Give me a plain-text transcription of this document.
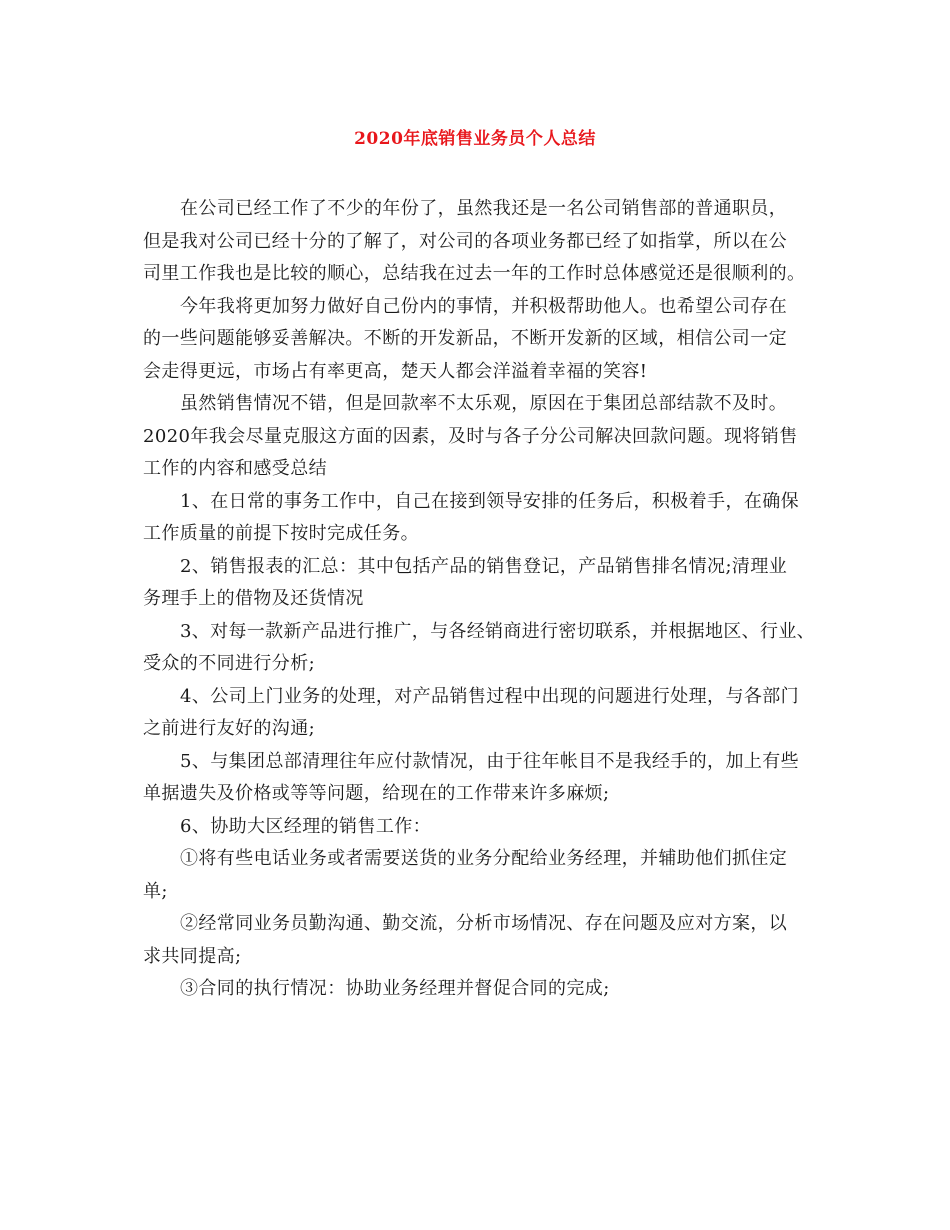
2020年底销售业务员个人总结
在公司已经工作了不少的年份了，虽然我还是一名公司销售部的普通职员，
但是我对公司已经十分的了解了，对公司的各项业务都已经了如指掌，所以在公
司里工作我也是比较的顺心，总结我在过去一年的工作时总体感觉还是很顺利的。
今年我将更加努力做好自己份内的事情，并积极帮助他人。也希望公司存在
的一些问题能够妥善解决。不断的开发新品，不断开发新的区域，相信公司一定
会走得更远，市场占有率更高，楚天人都会洋溢着幸福的笑容!
虽然销售情况不错，但是回款率不太乐观，原因在于集团总部结款不及时。
2020年我会尽量克服这方面的因素，及时与各子分公司解决回款问题。现将销售
工作的内容和感受总结
1、在日常的事务工作中，自己在接到领导安排的任务后，积极着手，在确保
工作质量的前提下按时完成任务。
2、销售报表的汇总：其中包括产品的销售登记，产品销售排名情况;清理业
务理手上的借物及还货情况
3、对每一款新产品进行推广，与各经销商进行密切联系，并根据地区、行业、
受众的不同进行分析;
4、公司上门业务的处理，对产品销售过程中出现的问题进行处理，与各部门
之前进行友好的沟通;
5、与集团总部清理往年应付款情况，由于往年帐目不是我经手的，加上有些
单据遗失及价格或等等问题，给现在的工作带来许多麻烦;
6、协助大区经理的销售工作：
①将有些电话业务或者需要送货的业务分配给业务经理，并辅助他们抓住定
单;
②经常同业务员勤沟通、勤交流，分析市场情况、存在问题及应对方案，以
求共同提高;
③合同的执行情况：协助业务经理并督促合同的完成;
